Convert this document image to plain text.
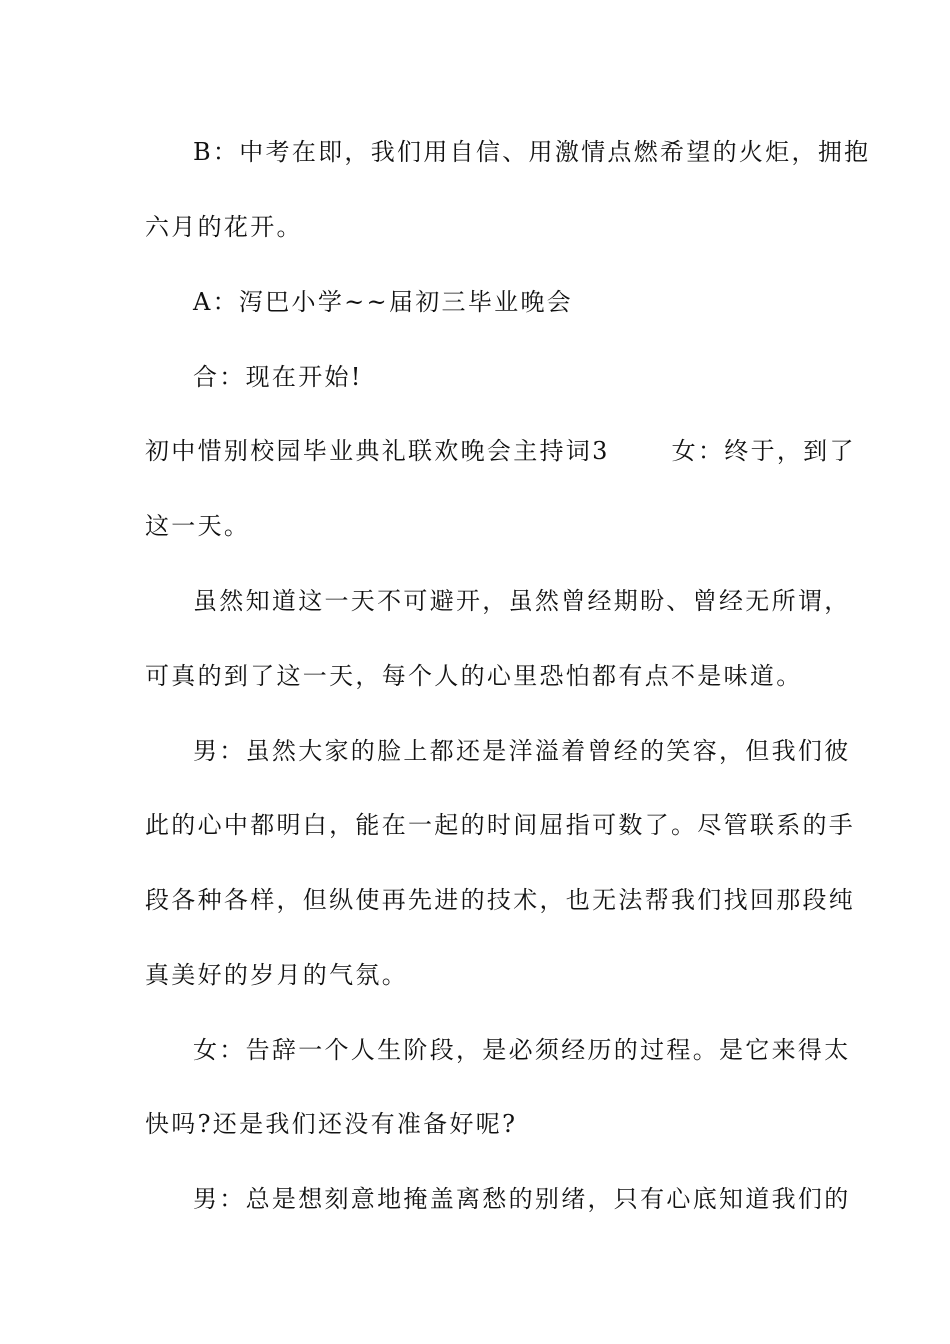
B：中考在即，我们用自信、用激情点燃希望的火炬，拥抱
六月的花开。
A：泻巴小学~~届初三毕业晚会
合：现在开始!
初中惜别校园毕业典礼联欢晚会主持词3	女：终于，到了
这一天。
虽然知道这一天不可避开，虽然曾经期盼、曾经无所谓，
可真的到了这一天，每个人的心里恐怕都有点不是味道。
男：虽然大家的脸上都还是洋溢着曾经的笑容，但我们彼
此的心中都明白，能在一起的时间屈指可数了。尽管联系的手
段各种各样，但纵使再先进的技术，也无法帮我们找回那段纯
真美好的岁月的气氛。
女：告辞一个人生阶段，是必须经历的过程。是它来得太
快吗?还是我们还没有准备好呢?
男：总是想刻意地掩盖离愁的别绪，只有心底知道我们的
